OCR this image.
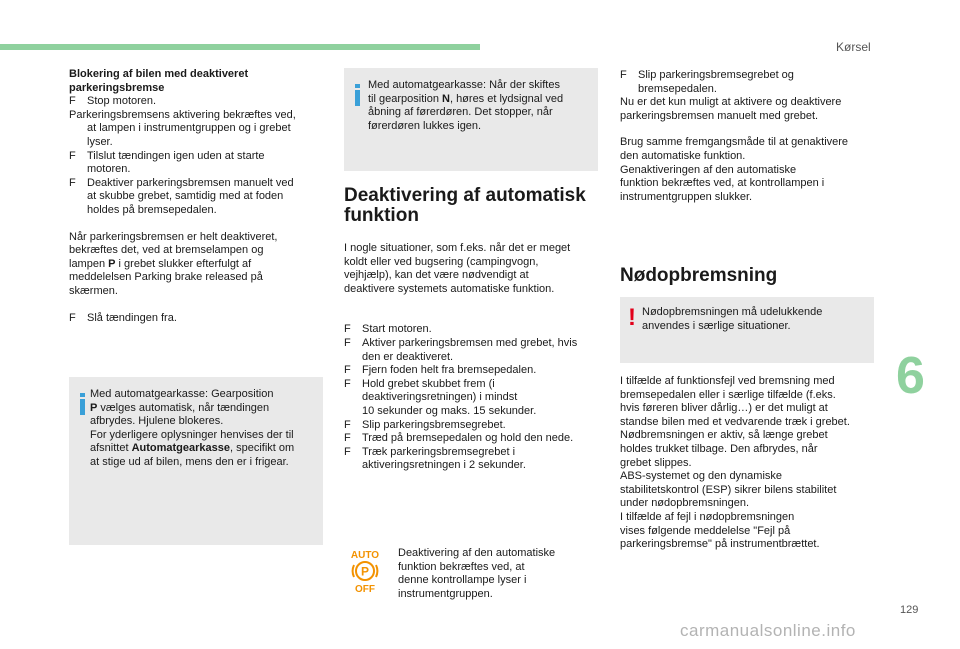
Kørsel
6
129
carmanualsonline.info

Blokering af bilen med deaktiveret
parkeringsbremse

F Stop motoren.

Parkeringsbremsens aktivering bekræftes ved,

at lampen i instrumentgruppen og i grebet
lyser.

F Tilslut tændingen igen uden at starte
motoren.

F Deaktiver parkeringsbremsen manuelt ved
at skubbe grebet, samtidig med at foden
holdes på bremsepedalen.

Når parkeringsbremsen er helt deaktiveret,
bekræftes det, ved at bremselampen og
lampen P i grebet slukker efterfulgt af
meddelelsen Parking brake released på
skærmen.

F Slå tændingen fra.

Med automatgearkasse: Gearposition
P vælges automatisk, når tændingen
afbrydes. Hjulene blokeres.
For yderligere oplysninger henvises der til
afsnittet Automatgearkasse, specifikt om
at stige ud af bilen, mens den er i frigear.
Med automatgearkasse: Når der skiftes
til gearposition N, høres et lydsignal ved
åbning af førerdøren. Det stopper, når
førerdøren lukkes igen.
Deaktivering af automatisk
funktion

I nogle situationer, som f.eks. når det er meget
koldt eller ved bugsering (campingvogn,
vejhjælp), kan det være nødvendigt at
deaktivere systemets automatiske funktion.

F Start motoren.

F Aktiver parkeringsbremsen med grebet, hvis
den er deaktiveret.

F Fjern foden helt fra bremsepedalen.

F Hold grebet skubbet frem (i
deaktiveringsretningen) i mindst
10 sekunder og maks. 15 sekunder.

F Slip parkeringsbremsegrebet.

F Træd på bremsepedalen og hold den nede.

F Træk parkeringsbremsegrebet i
aktiveringsretningen i 2 sekunder.

AUTO
P
OFF

Deaktivering af den automatiske
funktion bekræftes ved, at
denne kontrollampe lyser i
instrumentgruppen.

F Slip parkeringsbremsegrebet og
bremsepedalen.

Nu er det kun muligt at aktivere og deaktivere
parkeringsbremsen manuelt med grebet.

Brug samme fremgangsmåde til at genaktivere
den automatiske funktion.
Genaktiveringen af den automatiske
funktion bekræftes ved, at kontrollampen i
instrumentgruppen slukker.

Nødopbremsning
! Nødopbremsningen må udelukkende
anvendes i særlige situationer.

I tilfælde af funktionsfejl ved bremsning med
bremsepedalen eller i særlige tilfælde (f.eks.
hvis føreren bliver dårlig…) er det muligt at
standse bilen med et vedvarende træk i grebet.
Nødbremsningen er aktiv, så længe grebet
holdes trukket tilbage. Den afbrydes, når
grebet slippes.
ABS-systemet og den dynamiske
stabilitetskontrol (ESP) sikrer bilens stabilitet
under nødopbremsningen.
I tilfælde af fejl i nødopbremsningen
vises følgende meddelelse "Fejl på
parkeringsbremse" på instrumentbrættet.
